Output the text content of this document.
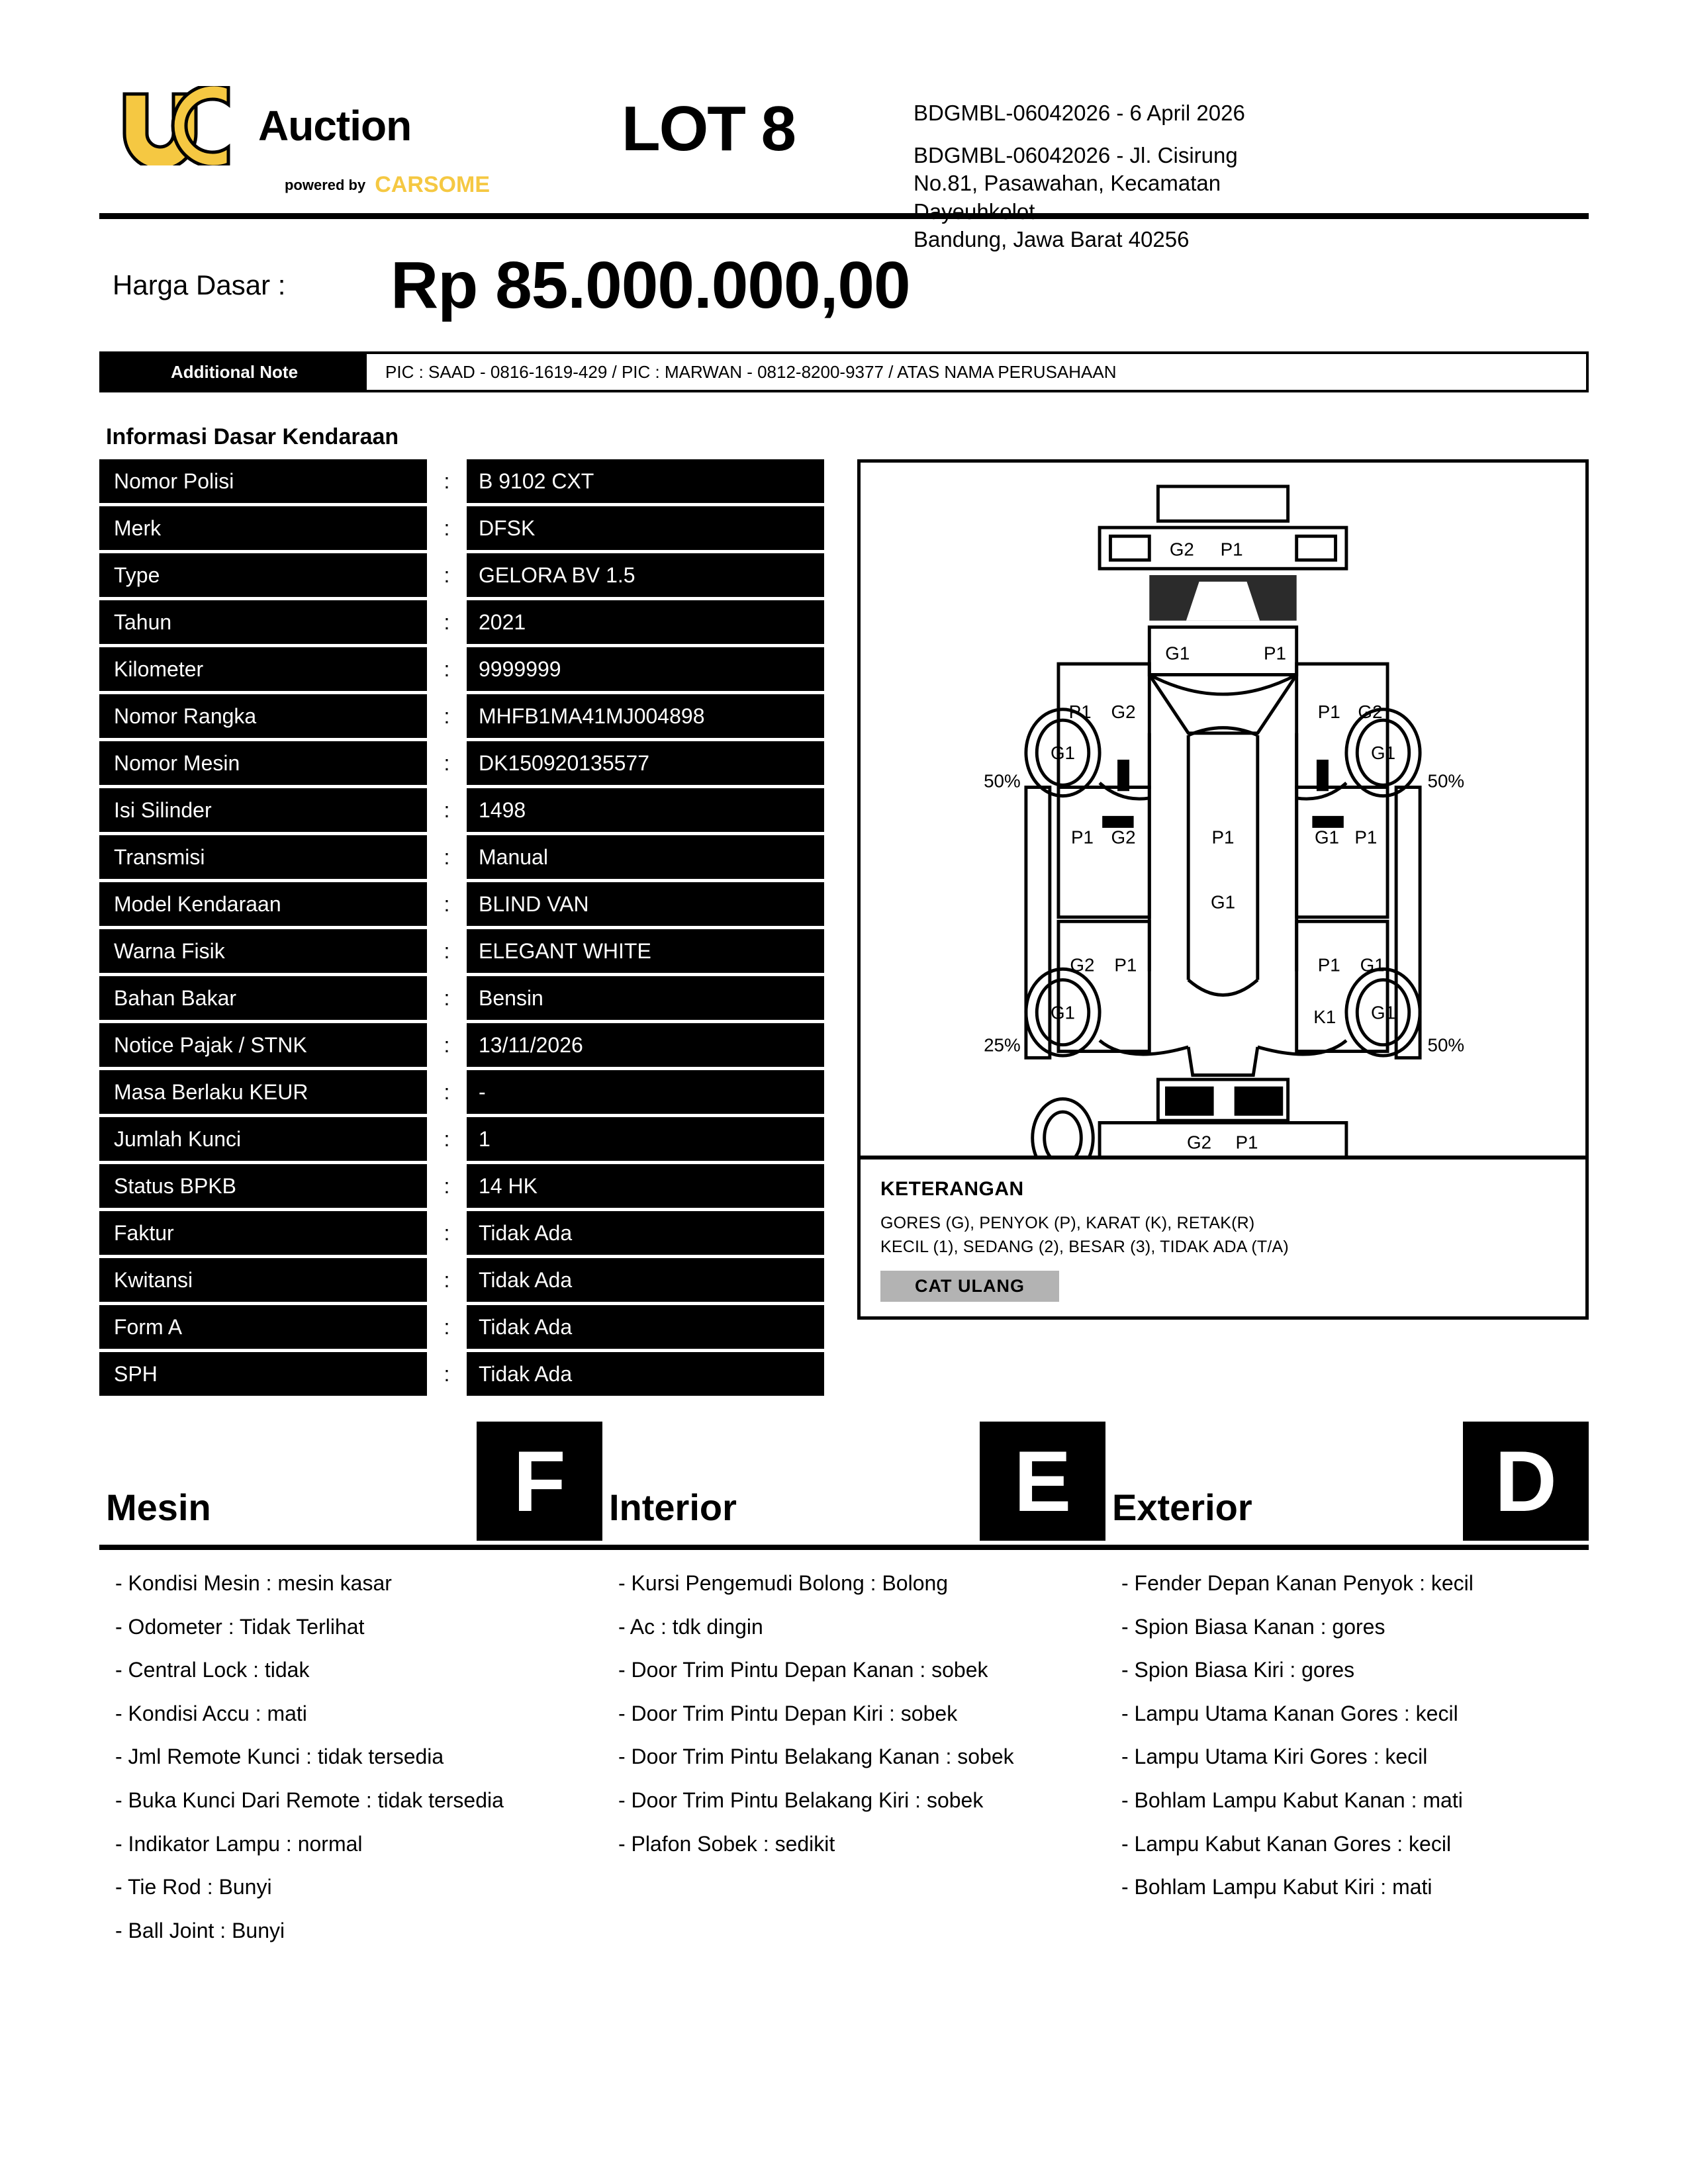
Auction
powered by CARSOME
LOT 8	BDGMBL-06042026 - 6 April 2026
BDGMBL-06042026 - Jl. Cisirung
No.81, Pasawahan, Kecamatan
Dayeuhkolot
Bandung, Jawa Barat 40256
Harga Dasar :	Rp 85.000.000,00
Additional Note	PIC : SAAD - 0816-1619-429 / PIC : MARWAN - 0812-8200-9377 / ATAS NAMA PERUSAHAAN
Informasi Dasar Kendaraan
Nomor Polisi	:	B 9102 CXT
Merk	:	DFSK
Type	:	GELORA BV 1.5
Tahun	:	2021
Kilometer	:	9999999
Nomor Rangka	:	MHFB1MA41MJ004898
Nomor Mesin	:	DK150920135577
Isi Silinder	:	1498
Transmisi	:	Manual
Model Kendaraan	:	BLIND VAN
Warna Fisik	:	ELEGANT WHITE
Bahan Bakar	:	Bensin
Notice Pajak / STNK	:	13/11/2026
Masa Berlaku KEUR	:	-
Jumlah Kunci	:	1
Status BPKB	:	14 HK
Faktur	:	Tidak Ada
Kwitansi	:	Tidak Ada
Form A	:	Tidak Ada
SPH	:	Tidak Ada
G2 P1
G1	P1
P1 G2	P1 G2
G1	G1
50%	50%
P1 G2	G1 P1
P1
G1
G2 P1	P1 G1
G1	G1
25%	50%
K1
G2 P1
KETERANGAN
GORES (G), PENYOK (P), KARAT (K), RETAK(R)
KECIL (1), SEDANG (2), BESAR (3), TIDAK ADA (T/A)
CAT ULANG
Mesin	F	Interior	E	Exterior	D
- Kondisi Mesin : mesin kasar
- Odometer : Tidak Terlihat
- Central Lock : tidak
- Kondisi Accu : mati
- Jml Remote Kunci : tidak tersedia
- Buka Kunci Dari Remote : tidak tersedia
- Indikator Lampu : normal
- Tie Rod : Bunyi
- Ball Joint : Bunyi
- Kursi Pengemudi Bolong : Bolong
- Ac : tdk dingin
- Door Trim Pintu Depan Kanan : sobek
- Door Trim Pintu Depan Kiri : sobek
- Door Trim Pintu Belakang Kanan : sobek
- Door Trim Pintu Belakang Kiri : sobek
- Plafon Sobek : sedikit
- Fender Depan Kanan Penyok : kecil
- Spion Biasa Kanan : gores
- Spion Biasa Kiri : gores
- Lampu Utama Kanan Gores : kecil
- Lampu Utama Kiri Gores : kecil
- Bohlam Lampu Kabut Kanan : mati
- Lampu Kabut Kanan Gores : kecil
- Bohlam Lampu Kabut Kiri : mati
